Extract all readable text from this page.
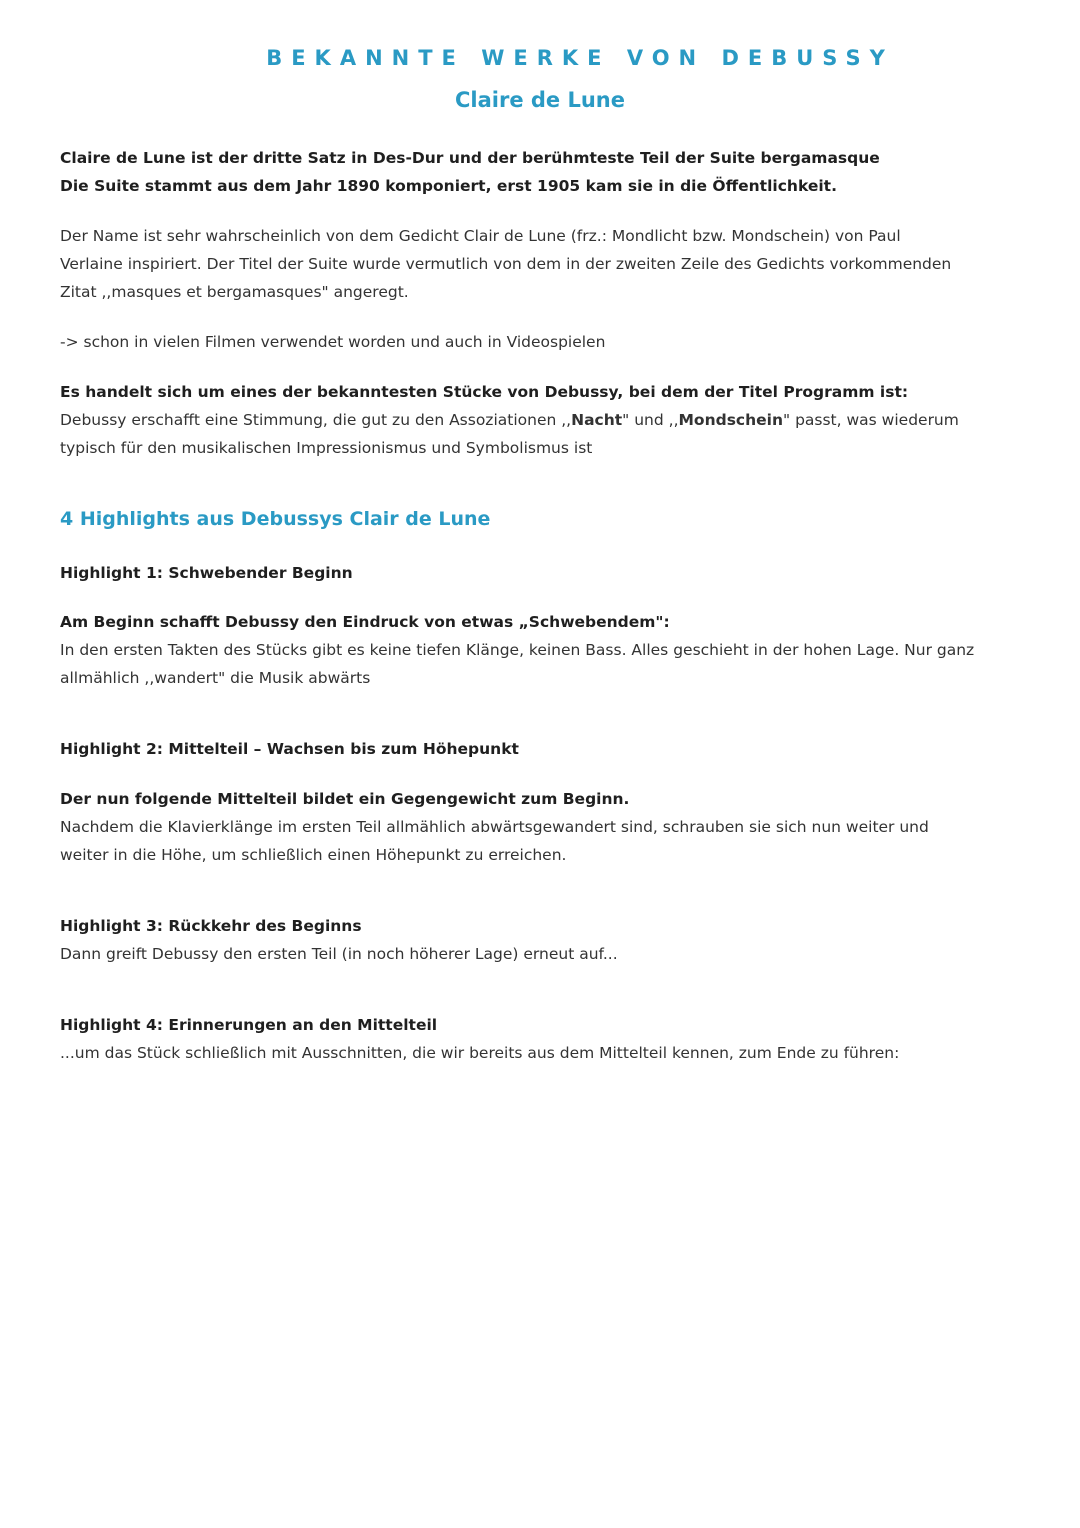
BEKANNTE WERKE VON DEBUSSY
Claire de Lune
Claire de Lune ist der dritte Satz in Des-Dur und der berühmteste Teil der Suite bergamasque
Die Suite stammt aus dem Jahr 1890 komponiert, erst 1905 kam sie in die Öffentlichkeit.
Der Name ist sehr wahrscheinlich von dem Gedicht Clair de Lune (frz.: Mondlicht bzw. Mondschein) von Paul
Verlaine inspiriert. Der Titel der Suite wurde vermutlich von dem in der zweiten Zeile des Gedichts vorkommenden
Zitat ,,masques et bergamasques" angeregt.
-> schon in vielen Filmen verwendet worden und auch in Videospielen
Es handelt sich um eines der bekanntesten Stücke von Debussy, bei dem der Titel Programm ist:
Debussy erschafft eine Stimmung, die gut zu den Assoziationen ,,Nacht" und ,,Mondschein" passt, was wiederum
typisch für den musikalischen Impressionismus und Symbolismus ist
4 Highlights aus Debussys Clair de Lune
Highlight 1: Schwebender Beginn
Am Beginn schafft Debussy den Eindruck von etwas „Schwebendem":
In den ersten Takten des Stücks gibt es keine tiefen Klänge, keinen Bass. Alles geschieht in der hohen Lage. Nur ganz
allmählich ,,wandert" die Musik abwärts
Highlight 2: Mittelteil – Wachsen bis zum Höhepunkt
Der nun folgende Mittelteil bildet ein Gegengewicht zum Beginn.
Nachdem die Klavierklänge im ersten Teil allmählich abwärtsgewandert sind, schrauben sie sich nun weiter und
weiter in die Höhe, um schließlich einen Höhepunkt zu erreichen.
Highlight 3: Rückkehr des Beginns
Dann greift Debussy den ersten Teil (in noch höherer Lage) erneut auf...
Highlight 4: Erinnerungen an den Mittelteil
...um das Stück schließlich mit Ausschnitten, die wir bereits aus dem Mittelteil kennen, zum Ende zu führen:
